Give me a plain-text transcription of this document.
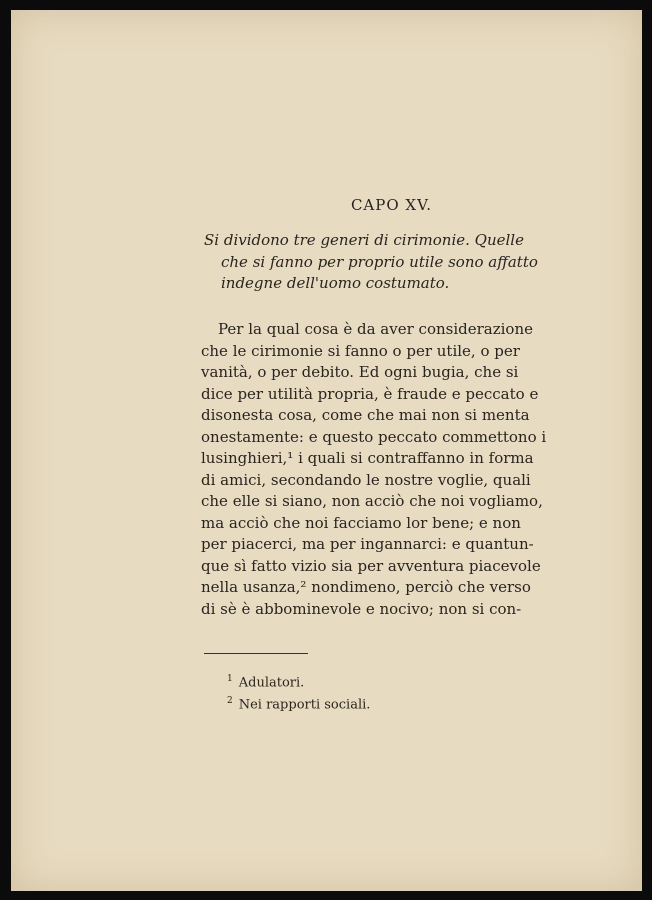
CAPO XV.
Si dividono tre generi di cirimonie. Quelle
che si fanno per proprio utile sono affatto
indegne dell'uomo costumato.
Per la qual cosa è da aver considerazione
che le cirimonie si fanno o per utile, o per
vanità, o per debito. Ed ogni bugia, che si
dice per utilità propria, è fraude e peccato e
disonesta cosa, come che mai non si menta
onestamente: e questo peccato commettono i
lusinghieri,¹ i quali si contraffanno in forma
di amici, secondando le nostre voglie, quali
che elle si siano, non acciò che noi vogliamo,
ma acciò che noi facciamo lor bene; e non
per piacerci, ma per ingannarci: e quantun-
que sì fatto vizio sia per avventura piacevole
nella usanza,² nondimeno, perciò che verso
di sè è abbominevole e nocivo; non si con-
$^1$ Adulatori.
$^2$ Nei rapporti sociali.
